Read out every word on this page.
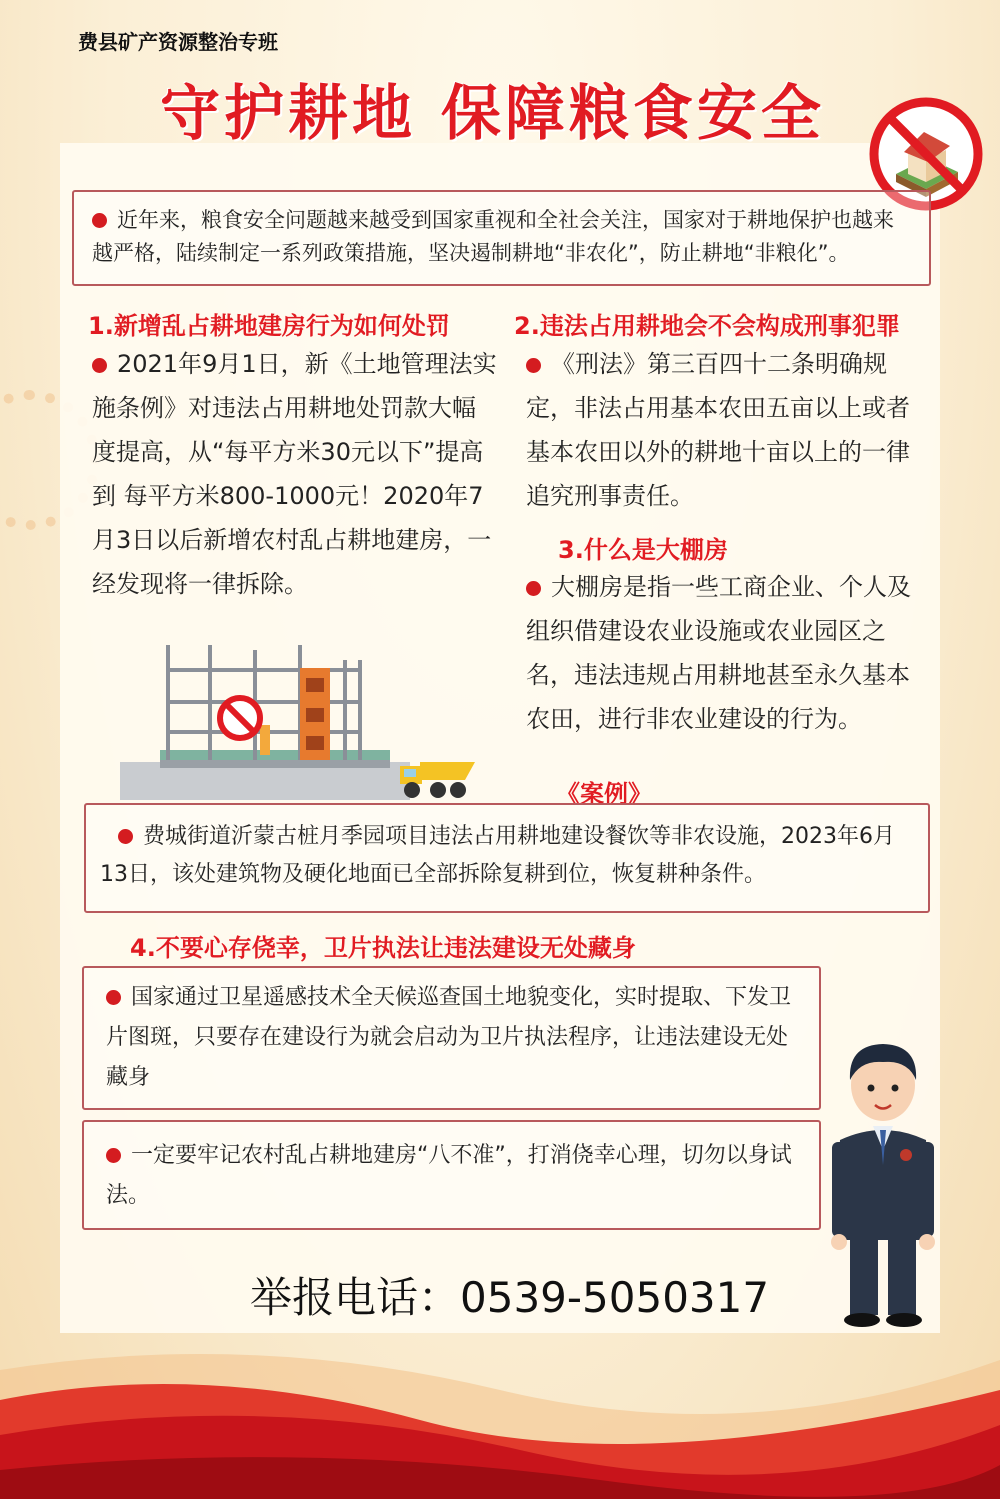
费县矿产资源整治专班
守护耕地 保障粮食安全
近年来，粮食安全问题越来越受到国家重视和全社会关注，国家对于耕地保护也越来越严格，陆续制定一系列政策措施，坚决遏制耕地“非农化”，防止耕地“非粮化”。
1.新增乱占耕地建房行为如何处罚
2021年9月1日，新《土地管理法实施条例》对违法占用耕地处罚款大幅度提高，从“每平方米30元以下”提高到 每平方米800-1000元！2020年7月3日以后新增农村乱占耕地建房，一经发现将一律拆除。
2.违法占用耕地会不会构成刑事犯罪
《刑法》第三百四十二条明确规定，非法占用基本农田五亩以上或者基本农田以外的耕地十亩以上的一律追究刑事责任。
3.什么是大棚房
大棚房是指一些工商企业、个人及组织借建设农业设施或农业园区之名，违法违规占用耕地甚至永久基本农田，进行非农业建设的行为。
《案例》
费城街道沂蒙古桩月季园项目违法占用耕地建设餐饮等非农设施，2023年6月13日，该处建筑物及硬化地面已全部拆除复耕到位，恢复耕种条件。
4.不要心存侥幸，卫片执法让违法建设无处藏身
国家通过卫星遥感技术全天候巡查国土地貌变化，实时提取、下发卫片图斑，只要存在建设行为就会启动为卫片执法程序，让违法建设无处藏身
一定要牢记农村乱占耕地建房“八不准”，打消侥幸心理，切勿以身试法。
举报电话：0539-5050317
